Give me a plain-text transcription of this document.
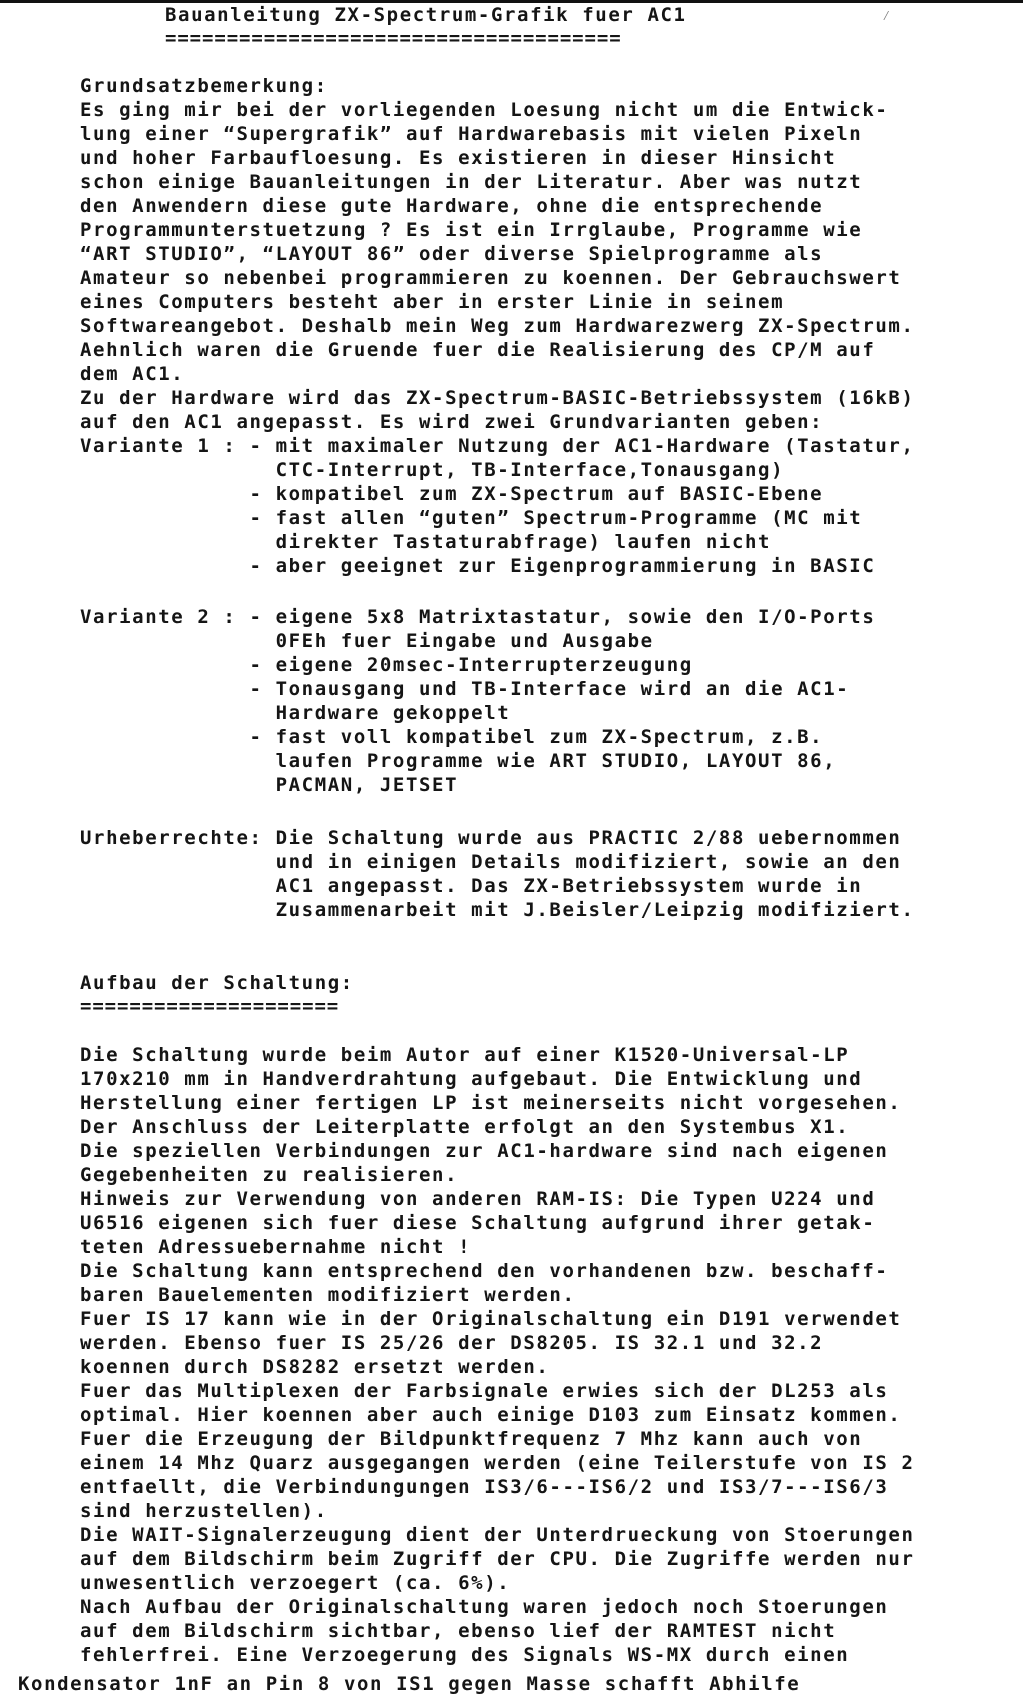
Bauanleitung ZX-Spectrum-Grafik fuer AC1
=====================================
⁄
Grundsatzbemerkung:
Es ging mir bei der vorliegenden Loesung nicht um die Entwick-
lung einer “Supergrafik” auf Hardwarebasis mit vielen Pixeln
und hoher Farbaufloesung. Es existieren in dieser Hinsicht
schon einige Bauanleitungen in der Literatur. Aber was nutzt
den Anwendern diese gute Hardware, ohne die entsprechende
Programmunterstuetzung ? Es ist ein Irrglaube, Programme wie
“ART STUDIO”, “LAYOUT 86” oder diverse Spielprogramme als
Amateur so nebenbei programmieren zu koennen. Der Gebrauchswert
eines Computers besteht aber in erster Linie in seinem
Softwareangebot. Deshalb mein Weg zum Hardwarezwerg ZX-Spectrum.
Aehnlich waren die Gruende fuer die Realisierung des CP/M auf
dem AC1.
Zu der Hardware wird das ZX-Spectrum-BASIC-Betriebssystem (16kB)
auf den AC1 angepasst. Es wird zwei Grundvarianten geben:
Variante 1 : - mit maximaler Nutzung der AC1-Hardware (Tastatur,
CTC-Interrupt, TB-Interface,Tonausgang)
- kompatibel zum ZX-Spectrum auf BASIC-Ebene
- fast allen “guten” Spectrum-Programme (MC mit
direkter Tastaturabfrage) laufen nicht
- aber geeignet zur Eigenprogrammierung in BASIC
Variante 2 : - eigene 5x8 Matrixtastatur, sowie den I/O-Ports
0FEh fuer Eingabe und Ausgabe
- eigene 20msec-Interrupterzeugung
- Tonausgang und TB-Interface wird an die AC1-
Hardware gekoppelt
- fast voll kompatibel zum ZX-Spectrum, z.B.
laufen Programme wie ART STUDIO, LAYOUT 86,
PACMAN, JETSET
Urheberrechte: Die Schaltung wurde aus PRACTIC 2/88 uebernommen
und in einigen Details modifiziert, sowie an den
AC1 angepasst. Das ZX-Betriebssystem wurde in
Zusammenarbeit mit J.Beisler/Leipzig modifiziert.
Aufbau der Schaltung:
=====================
Die Schaltung wurde beim Autor auf einer K1520-Universal-LP
170x210 mm in Handverdrahtung aufgebaut. Die Entwicklung und
Herstellung einer fertigen LP ist meinerseits nicht vorgesehen.
Der Anschluss der Leiterplatte erfolgt an den Systembus X1.
Die speziellen Verbindungen zur AC1-hardware sind nach eigenen
Gegebenheiten zu realisieren.
Hinweis zur Verwendung von anderen RAM-IS: Die Typen U224 und
U6516 eigenen sich fuer diese Schaltung aufgrund ihrer getak-
teten Adressuebernahme nicht !
Die Schaltung kann entsprechend den vorhandenen bzw. beschaff-
baren Bauelementen modifiziert werden.
Fuer IS 17 kann wie in der Originalschaltung ein D191 verwendet
werden. Ebenso fuer IS 25/26 der DS8205. IS 32.1 und 32.2
koennen durch DS8282 ersetzt werden.
Fuer das Multiplexen der Farbsignale erwies sich der DL253 als
optimal. Hier koennen aber auch einige D103 zum Einsatz kommen.
Fuer die Erzeugung der Bildpunktfrequenz 7 Mhz kann auch von
einem 14 Mhz Quarz ausgegangen werden (eine Teilerstufe von IS 2
entfaellt, die Verbindungungen IS3/6---IS6/2 und IS3/7---IS6/3
sind herzustellen).
Die WAIT-Signalerzeugung dient der Unterdrueckung von Stoerungen
auf dem Bildschirm beim Zugriff der CPU. Die Zugriffe werden nur
unwesentlich verzoegert (ca. 6%).
Nach Aufbau der Originalschaltung waren jedoch noch Stoerungen
auf dem Bildschirm sichtbar, ebenso lief der RAMTEST nicht
fehlerfrei. Eine Verzoegerung des Signals WS-MX durch einen
Kondensator 1nF an Pin 8 von IS1 gegen Masse schafft Abhilfe
